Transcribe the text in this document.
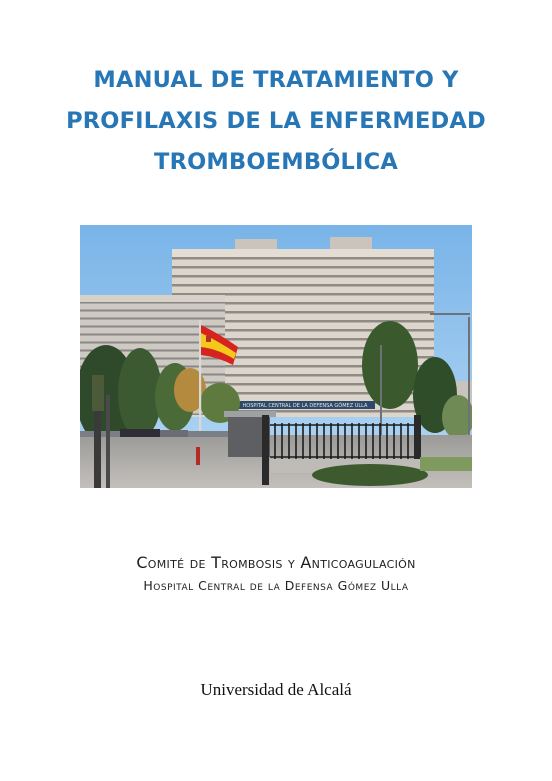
MANUAL DE TRATAMIENTO Y
PROFILAXIS DE LA ENFERMEDAD
TROMBOEMBÓLICA
HOSPITAL CENTRAL DE LA DEFENSA GÓMEZ ULLA
Comité de Trombosis y Anticoagulación
Hospital Central de la Defensa Gómez Ulla
Universidad de Alcalá
